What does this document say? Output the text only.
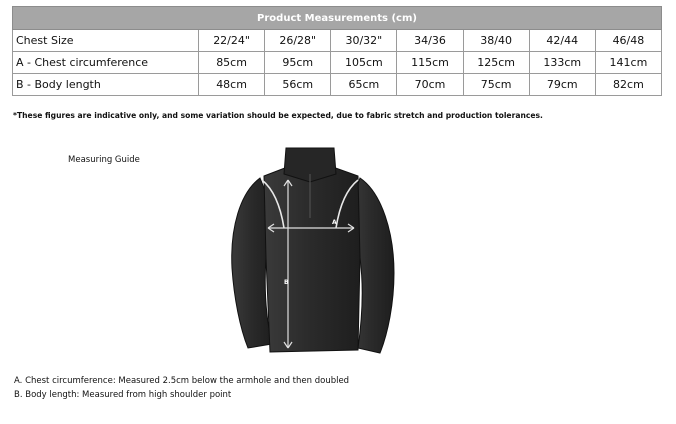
Product Measurements (cm)							
Chest Size	22/24"	26/28"	30/32"	34/36	38/40	42/44	46/48
A - Chest circumference	85cm	95cm	105cm	115cm	125cm	133cm	141cm
B - Body length	48cm	56cm	65cm	70cm	75cm	79cm	82cm
*These figures are indicative only, and some variation should be expected, due to fabric stretch and production tolerances.
Measuring Guide
A
B
A. Chest circumference: Measured 2.5cm below the armhole and then doubled
B. Body length: Measured from high shoulder point
